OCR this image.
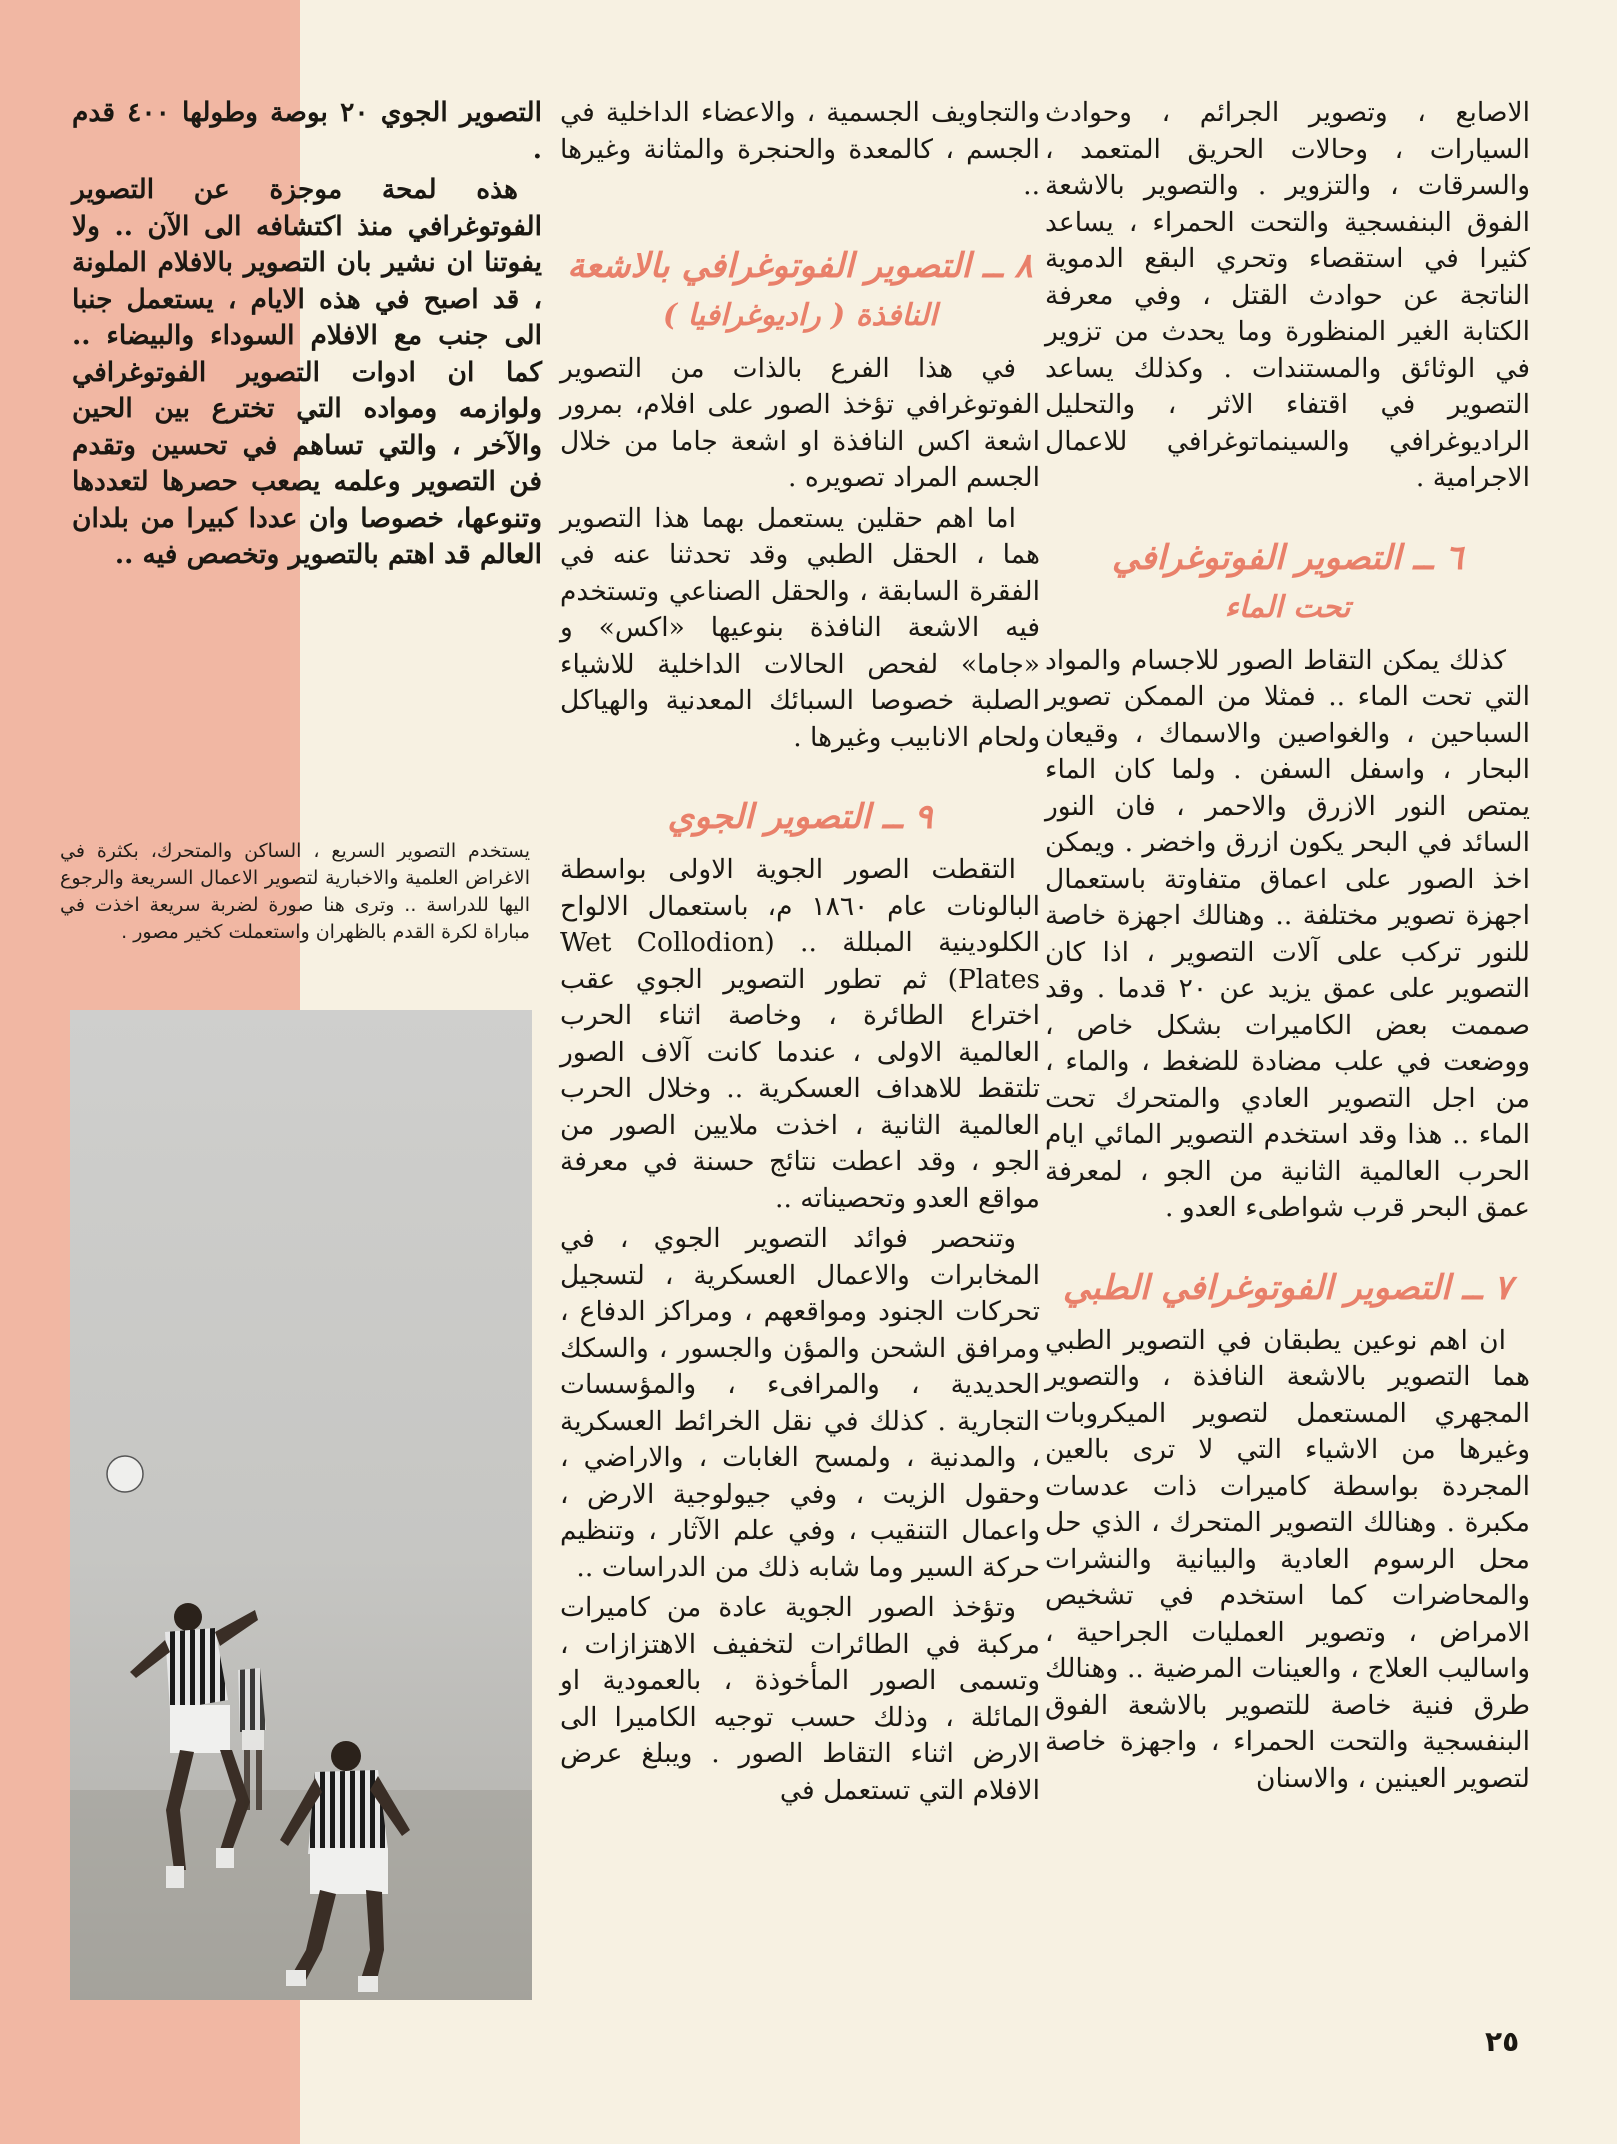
الاصابع ، وتصوير الجرائم ، وحوادث السيارات ، وحالات الحريق المتعمد ، والسرقات ، والتزوير . والتصوير بالاشعة الفوق البنفسجية والتحت الحمراء ، يساعد كثيرا في استقصاء وتحري البقع الدموية الناتجة عن حوادث القتل ، وفي معرفة الكتابة الغير المنظورة وما يحدث من تزوير في الوثائق والمستندات . وكذلك يساعد التصوير في اقتفاء الاثر ، والتحليل الراديوغرافي والسينماتوغرافي للاعمال الاجرامية .

٦ ــ التصوير الفوتوغرافي
تحت الماء

كذلك يمكن التقاط الصور للاجسام والمواد التي تحت الماء .. فمثلا من الممكن تصوير السباحين ، والغواصين والاسماك ، وقيعان البحار ، واسفل السفن . ولما كان الماء يمتص النور الازرق والاحمر ، فان النور السائد في البحر يكون ازرق واخضر . ويمكن اخذ الصور على اعماق متفاوتة باستعمال اجهزة تصوير مختلفة .. وهنالك اجهزة خاصة للنور تركب على آلات التصوير ، اذا كان التصوير على عمق يزيد عن ٢٠ قدما . وقد صممت بعض الكاميرات بشكل خاص ، ووضعت في علب مضادة للضغط ، والماء ، من اجل التصوير العادي والمتحرك تحت الماء .. هذا وقد استخدم التصوير المائي ايام الحرب العالمية الثانية من الجو ، لمعرفة عمق البحر قرب شواطىء العدو .

٧ ــ التصوير الفوتوغرافي الطبي

ان اهم نوعين يطبقان في التصوير الطبي هما التصوير بالاشعة النافذة ، والتصوير المجهري المستعمل لتصوير الميكروبات وغيرها من الاشياء التي لا ترى بالعين المجردة بواسطة كاميرات ذات عدسات مكبرة . وهنالك التصوير المتحرك ، الذي حل محل الرسوم العادية والبيانية والنشرات والمحاضرات كما استخدم في تشخيص الامراض ، وتصوير العمليات الجراحية ، واساليب العلاج ، والعينات المرضية .. وهنالك طرق فنية خاصة للتصوير بالاشعة الفوق البنفسجية والتحت الحمراء ، واجهزة خاصة لتصوير العينين ، والاسنان

والتجاويف الجسمية ، والاعضاء الداخلية في الجسم ، كالمعدة والحنجرة والمثانة وغيرها ..

٨ ــ التصوير الفوتوغرافي بالاشعة
النافذة ( راديوغرافيا )

في هذا الفرع بالذات من التصوير الفوتوغرافي تؤخذ الصور على افلام، بمرور اشعة اكس النافذة او اشعة جاما من خلال الجسم المراد تصويره .

اما اهم حقلين يستعمل بهما هذا التصوير هما ، الحقل الطبي وقد تحدثنا عنه في الفقرة السابقة ، والحقل الصناعي وتستخدم فيه الاشعة النافذة بنوعيها «اكس» و «جاما» لفحص الحالات الداخلية للاشياء الصلبة خصوصا السبائك المعدنية والهياكل ولحام الانابيب وغيرها .

٩ ــ التصوير الجوي

التقطت الصور الجوية الاولى بواسطة البالونات عام ١٨٦٠ م، باستعمال الالواح الكلودينية المبللة .. (Wet Collodion Plates) ثم تطور التصوير الجوي عقب اختراع الطائرة ، وخاصة اثناء الحرب العالمية الاولى ، عندما كانت آلاف الصور تلتقط للاهداف العسكرية .. وخلال الحرب العالمية الثانية ، اخذت ملايين الصور من الجو ، وقد اعطت نتائج حسنة في معرفة مواقع العدو وتحصيناته ..

وتنحصر فوائد التصوير الجوي ، في المخابرات والاعمال العسكرية ، لتسجيل تحركات الجنود ومواقعهم ، ومراكز الدفاع ، ومرافق الشحن والمؤن والجسور ، والسكك الحديدية ، والمرافىء ، والمؤسسات التجارية . كذلك في نقل الخرائط العسكرية ، والمدنية ، ولمسح الغابات ، والاراضي ، وحقول الزيت ، وفي جيولوجية الارض ، واعمال التنقيب ، وفي علم الآثار ، وتنظيم حركة السير وما شابه ذلك من الدراسات ..

وتؤخذ الصور الجوية عادة من كاميرات مركبة في الطائرات لتخفيف الاهتزازات ، وتسمى الصور المأخوذة ، بالعمودية او المائلة ، وذلك حسب توجيه الكاميرا الى الارض اثناء التقاط الصور . ويبلغ عرض الافلام التي تستعمل في

التصوير الجوي ٢٠ بوصة وطولها ٤٠٠ قدم .

هذه لمحة موجزة عن التصوير الفوتوغرافي منذ اكتشافه الى الآن .. ولا يفوتنا ان نشير بان التصوير بالافلام الملونة ، قد اصبح في هذه الايام ، يستعمل جنبا الى جنب مع الافلام السوداء والبيضاء .. كما ان ادوات التصوير الفوتوغرافي ولوازمه ومواده التي تخترع بين الحين والآخر ، والتي تساهم في تحسين وتقدم فن التصوير وعلمه يصعب حصرها لتعددها وتنوعها، خصوصا وان عددا كبيرا من بلدان العالم قد اهتم بالتصوير وتخصص فيه ..

يستخدم التصوير السريع ، الساكن والمتحرك، بكثرة في الاغراض العلمية والاخبارية لتصوير الاعمال السريعة والرجوع اليها للدراسة .. وترى هنا صورة لضربة سريعة اخذت في مباراة لكرة القدم بالظهران واستعملت كخير مصور .
٢٥
